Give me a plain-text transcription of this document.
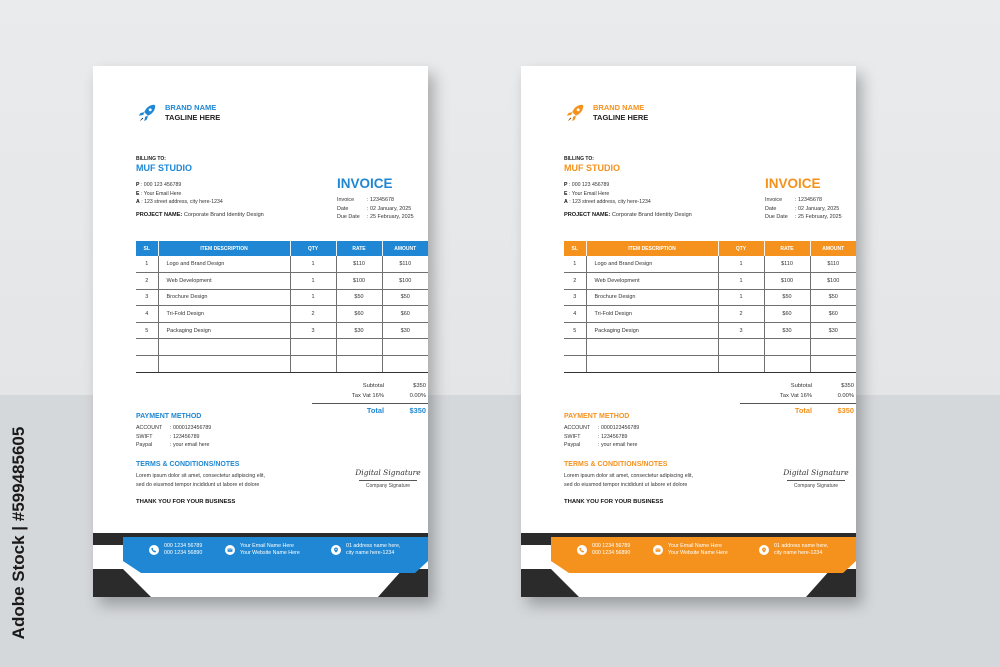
Adobe Stock | #599485605
BRAND NAME
TAGLINE HERE
BILLING TO:
MUF STUDIO
P : 000 123 456789
E : Your Email Here
A : 123 street address, city here-1234
PROJECT NAME: Corporate Brand Identity Design
INVOICE
Invoice	: 12345678
Date	: 02 January, 2025
Due Date	: 25 February, 2025
SL	ITEM DESCRIPTION	QTY	RATE	AMOUNT
1	Logo and Brand Design	1	$110	$110
2	Web Development	1	$100	$100
3	Brochure Design	1	$50	$50
4	Tri-Fold Design	2	$60	$60
5	Packaging Design	3	$30	$30

Subtotal	$350
Tax Vat 16%	0.00%
Total	$350
PAYMENT METHOD
ACCOUNT	: 0000123456789
SWIFT	: 123456789
Paypal	: your email here
TERMS & CONDITIONS/NOTES
Lorem ipsum dolor sit amet, consectetur adipiscing elit,
sed do eiusmod tempor incididunt ut labore et dolore
THANK YOU FOR YOUR BUSINESS
Digital Signature
Company Signature
000 1234 56789
000 1234 56890
Your Email Name Here
Your Website Name Here
01 address name here,
city name here-1234
BRAND NAME
TAGLINE HERE
BILLING TO:
MUF STUDIO
P : 000 123 456789
E : Your Email Here
A : 123 street address, city here-1234
PROJECT NAME: Corporate Brand Identity Design
INVOICE
Invoice	: 12345678
Date	: 02 January, 2025
Due Date	: 25 February, 2025
SL	ITEM DESCRIPTION	QTY	RATE	AMOUNT
1	Logo and Brand Design	1	$110	$110
2	Web Development	1	$100	$100
3	Brochure Design	1	$50	$50
4	Tri-Fold Design	2	$60	$60
5	Packaging Design	3	$30	$30

Subtotal	$350
Tax Vat 16%	0.00%
Total	$350
PAYMENT METHOD
ACCOUNT	: 0000123456789
SWIFT	: 123456789
Paypal	: your email here
TERMS & CONDITIONS/NOTES
Lorem ipsum dolor sit amet, consectetur adipiscing elit,
sed do eiusmod tempor incididunt ut labore et dolore
THANK YOU FOR YOUR BUSINESS
Digital Signature
Company Signature
000 1234 56789
000 1234 56890
Your Email Name Here
Your Website Name Here
01 address name here,
city name here-1234
